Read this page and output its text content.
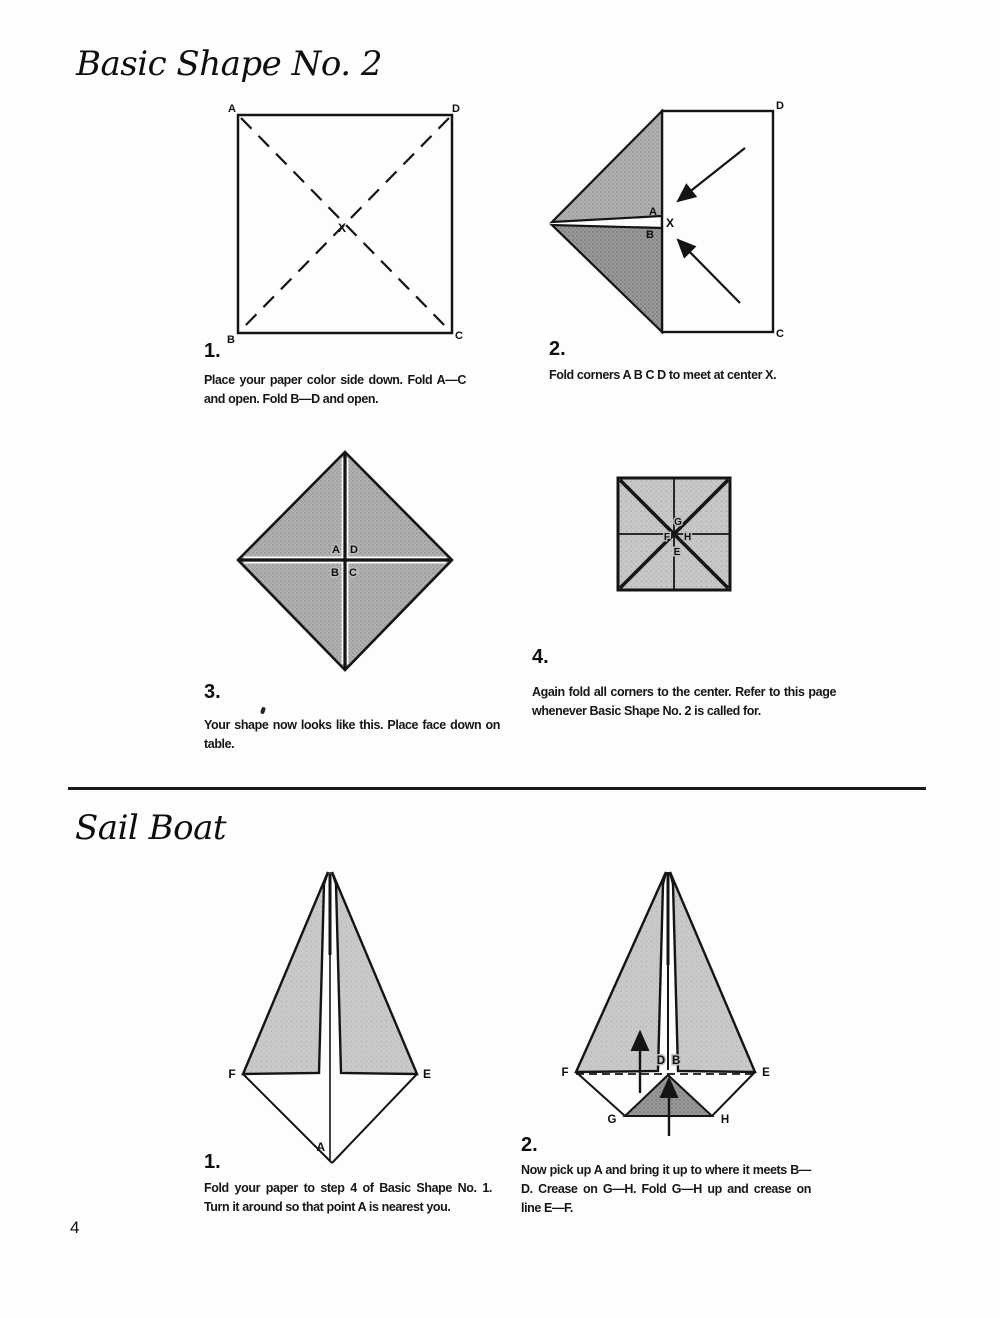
Basic Shape No. 2
A	D
B	C
X
1.
Place your paper color side down. Fold A—C and open. Fold B—D and open.
D
C
A
B
X
2.
Fold corners A B C D to meet at center X.
A D
B C
3.
Your shape now looks like this. Place face down on table.
G
F H
E
4.
Again fold all corners to the center. Refer to this page whenever Basic Shape No. 2 is called for.
Sail Boat
F	E
A
1.
Fold your paper to step 4 of Basic Shape No. 1. Turn it around so that point A is nearest you.
F	E
D B
G	H
2.
Now pick up A and bring it up to where it meets B—D. Crease on G—H. Fold G—H up and crease on line E—F.
4
